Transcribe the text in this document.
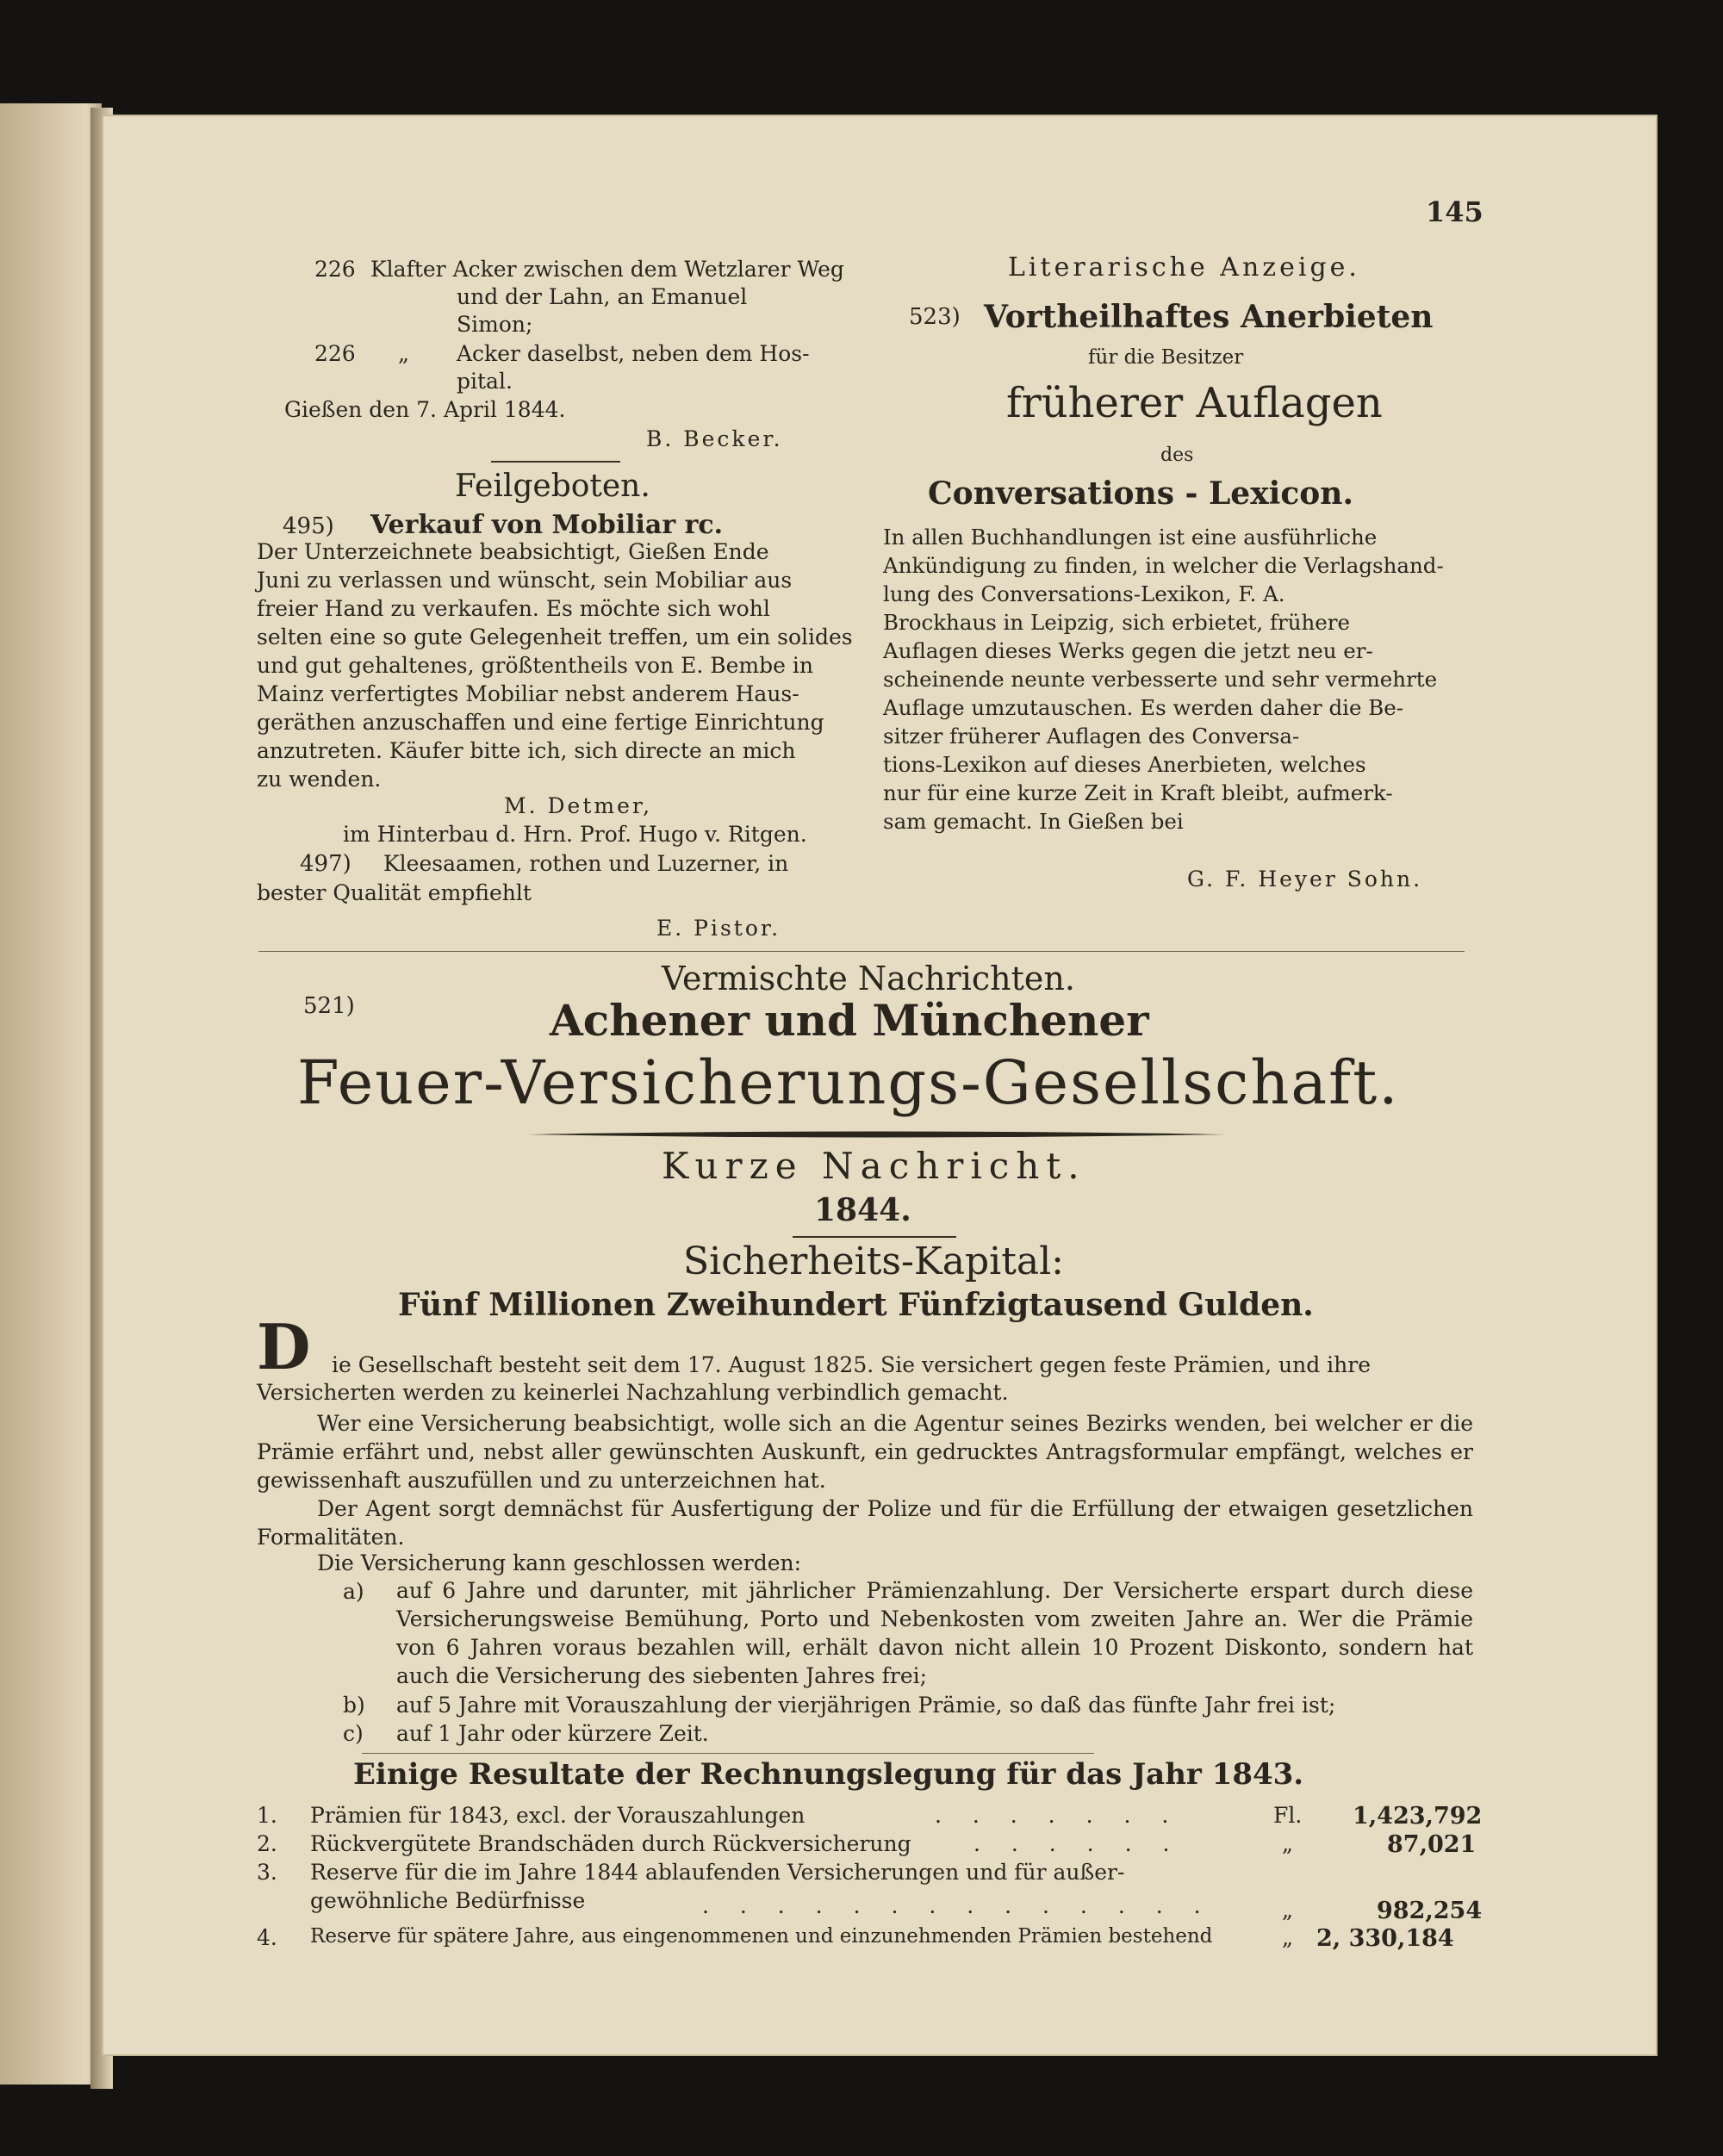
145
226 Klafter Acker zwischen dem Wetzlarer Weg
und der Lahn, an Emanuel
Simon;
226 „ Acker daselbst, neben dem Hos-
pital.
Gießen den 7. April 1844.
B. Becker.
Feilgeboten.
495) Verkauf von Mobiliar rc.
Der Unterzeichnete beabsichtigt, Gießen Ende
Juni zu verlassen und wünscht, sein Mobiliar aus
freier Hand zu verkaufen. Es möchte sich wohl
selten eine so gute Gelegenheit treffen, um ein solides
und gut gehaltenes, größtentheils von E. Bembe in
Mainz verfertigtes Mobiliar nebst anderem Haus-
geräthen anzuschaffen und eine fertige Einrichtung
anzutreten. Käufer bitte ich, sich directe an mich
zu wenden.
M. Detmer,
im Hinterbau d. Hrn. Prof. Hugo v. Ritgen.
497) Kleesaamen, rothen und Luzerner, in
bester Qualität empfiehlt
E. Pistor.
Literarische Anzeige.
523) Vortheilhaftes Anerbieten
für die Besitzer
früherer Auflagen
des
Conversations - Lexicon.
In allen Buchhandlungen ist eine ausführliche
Ankündigung zu finden, in welcher die Verlagshand-
lung des Conversations-Lexikon, F. A.
Brockhaus in Leipzig, sich erbietet, frühere
Auflagen dieses Werks gegen die jetzt neu er-
scheinende neunte verbesserte und sehr vermehrte
Auflage umzutauschen. Es werden daher die Be-
sitzer früherer Auflagen des Conversa-
tions-Lexikon auf dieses Anerbieten, welches
nur für eine kurze Zeit in Kraft bleibt, aufmerk-
sam gemacht. In Gießen bei
G. F. Heyer Sohn.
Vermischte Nachrichten.
521)	Achener und Münchener
Feuer-Versicherungs-Gesellschaft.
Kurze Nachricht.
1844.
Sicherheits-Kapital:
Fünf Millionen Zweihundert Fünfzigtausend Gulden.
D ie Gesellschaft besteht seit dem 17. August 1825. Sie versichert gegen feste Prämien, und ihre
Versicherten werden zu keinerlei Nachzahlung verbindlich gemacht.
Wer eine Versicherung beabsichtigt, wolle sich an die Agentur seines Bezirks wenden, bei welcher er die Prämie erfährt und, nebst aller gewünschten Auskunft, ein gedrucktes Antragsformular empfängt, welches er gewissenhaft auszufüllen und zu unterzeichnen hat.
Der Agent sorgt demnächst für Ausfertigung der Polize und für die Erfüllung der etwaigen gesetzlichen Formalitäten.
Die Versicherung kann geschlossen werden:
a) auf 6 Jahre und darunter, mit jährlicher Prämienzahlung. Der Versicherte erspart durch diese Versicherungsweise Bemühung, Porto und Nebenkosten vom zweiten Jahre an. Wer die Prämie von 6 Jahren voraus bezahlen will, erhält davon nicht allein 10 Prozent Diskonto, sondern hat auch die Versicherung des siebenten Jahres frei;
b) auf 5 Jahre mit Vorauszahlung der vierjährigen Prämie, so daß das fünfte Jahr frei ist;
c) auf 1 Jahr oder kürzere Zeit.
Einige Resultate der Rechnungslegung für das Jahr 1843.
1. Prämien für 1843, excl. der Vorauszahlungen	. . . . . . .	Fl. 1,423,792
2. Rückvergütete Brandschäden durch Rückversicherung	. . . . . .	„	87,021
3. Reserve für die im Jahre 1844 ablaufenden Versicherungen und für außer-
gewöhnliche Bedürfnisse	. . . . . . . . . . . . . .	„	982,254
4. Reserve für spätere Jahre, aus eingenommenen und einzunehmenden Prämien bestehend	„ 2, 330,184
